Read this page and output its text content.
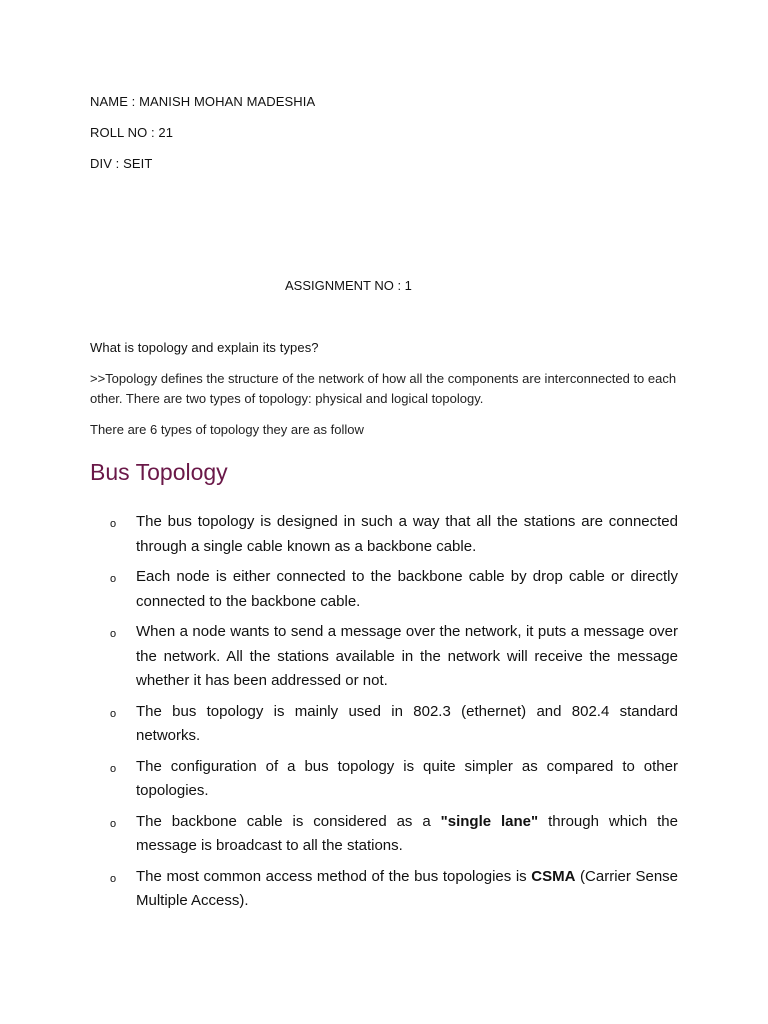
NAME : MANISH MOHAN MADESHIA
ROLL NO : 21
DIV : SEIT
ASSIGNMENT NO : 1
What is topology and explain its types?
>>Topology defines the structure of the network of how all the components are interconnected to each other. There are two types of topology: physical and logical topology.
There are 6 types of topology they are as follow
Bus Topology
o The bus topology is designed in such a way that all the stations are connected through a single cable known as a backbone cable.
o Each node is either connected to the backbone cable by drop cable or directly connected to the backbone cable.
o When a node wants to send a message over the network, it puts a message over the network. All the stations available in the network will receive the message whether it has been addressed or not.
o The bus topology is mainly used in 802.3 (ethernet) and 802.4 standard networks.
o The configuration of a bus topology is quite simpler as compared to other topologies.
o The backbone cable is considered as a "single lane" through which the message is broadcast to all the stations.
o The most common access method of the bus topologies is CSMA (Carrier Sense Multiple Access).
